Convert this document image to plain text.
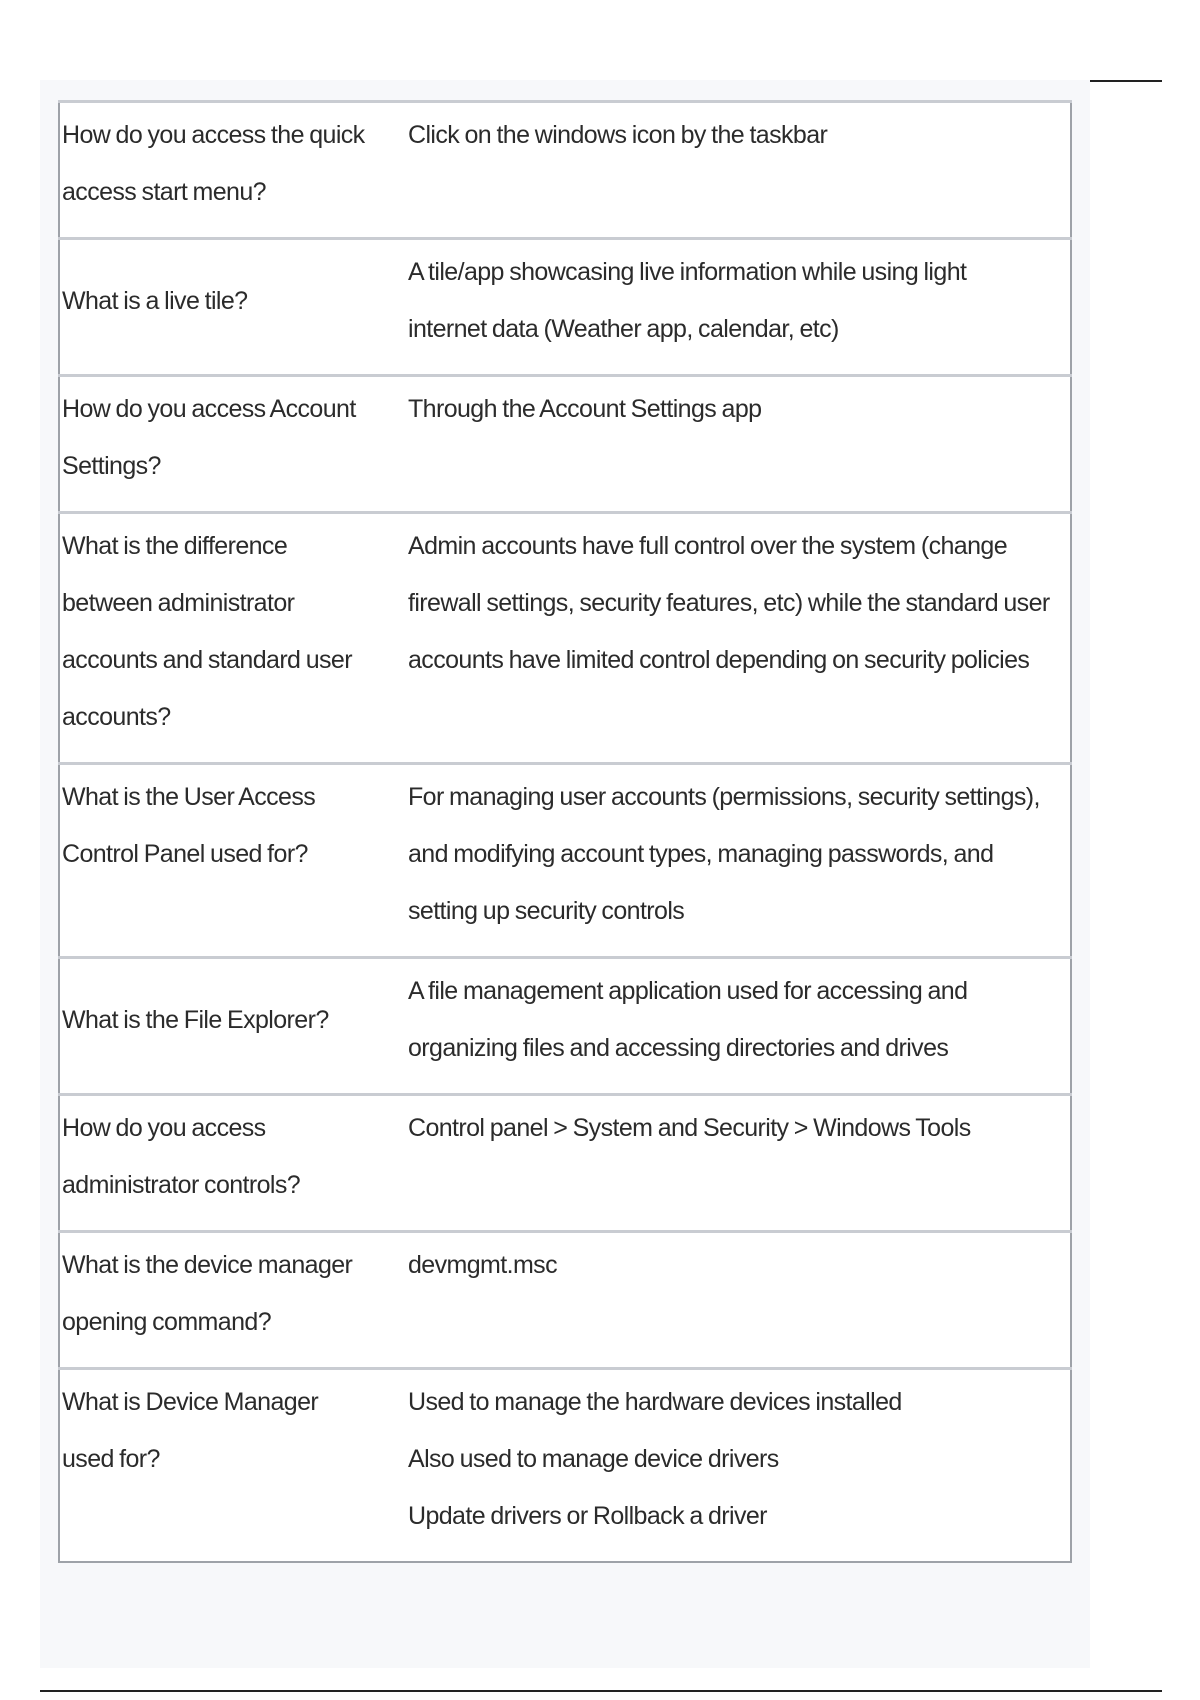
How do you access the quick access start menu?	Click on the windows icon by the taskbar

What is a live tile?	A tile/app showcasing live information while using light internet data (Weather app, calendar, etc)

How do you access Account Settings?	Through the Account Settings app

What is the difference between administrator accounts and standard user accounts?	Admin accounts have full control over the system (change firewall settings, security features, etc) while the standard user accounts have limited control depending on security policies

What is the User Access Control Panel used for?	For managing user accounts (permissions, security settings), and modifying account types, managing passwords, and setting up security controls

What is the File Explorer?	A file management application used for accessing and organizing files and accessing directories and drives

How do you access administrator controls?	Control panel > System and Security > Windows Tools

What is the device manager opening command?	devmgmt.msc

What is Device Manager used for?	Used to manage the hardware devices installed
Also used to manage device drivers
Update drivers or Rollback a driver
